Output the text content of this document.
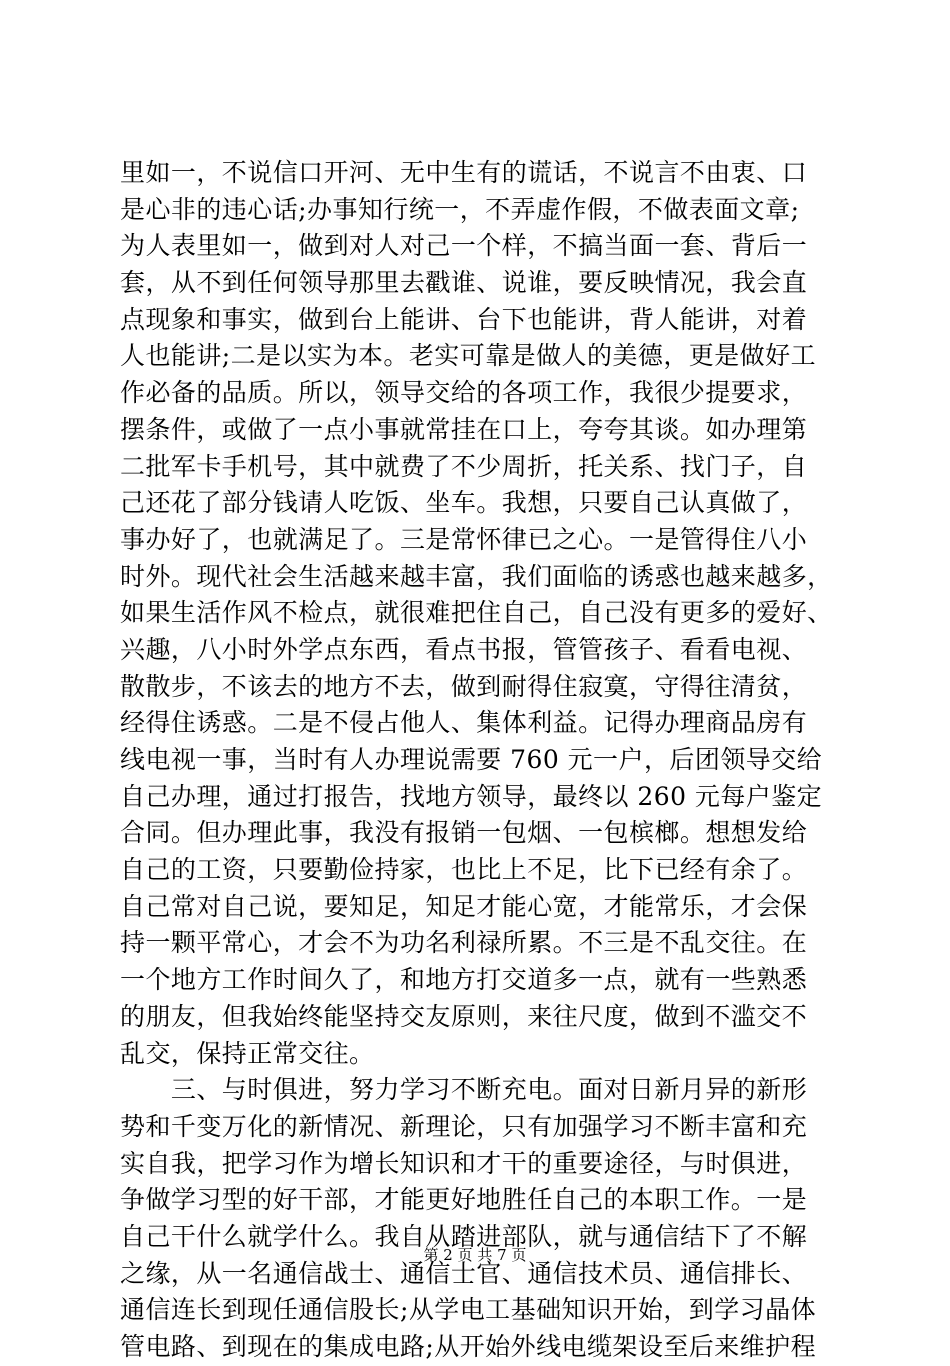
里如一，不说信口开河、无中生有的谎话，不说言不由衷、口
是心非的违心话;办事知行统一，不弄虚作假，不做表面文章;
为人表里如一，做到对人对己一个样，不搞当面一套、背后一
套，从不到任何领导那里去戳谁、说谁，要反映情况，我会直
点现象和事实，做到台上能讲、台下也能讲，背人能讲，对着
人也能讲;二是以实为本。老实可靠是做人的美德，更是做好工
作必备的品质。所以，领导交给的各项工作，我很少提要求，
摆条件，或做了一点小事就常挂在口上，夸夸其谈。如办理第
二批军卡手机号，其中就费了不少周折，托关系、找门子，自
己还花了部分钱请人吃饭、坐车。我想，只要自己认真做了，
事办好了，也就满足了。三是常怀律已之心。一是管得住八小
时外。现代社会生活越来越丰富，我们面临的诱惑也越来越多，
如果生活作风不检点，就很难把住自己，自己没有更多的爱好、
兴趣，八小时外学点东西，看点书报，管管孩子、看看电视、
散散步，不该去的地方不去，做到耐得住寂寞，守得往清贫，
经得住诱惑。二是不侵占他人、集体利益。记得办理商品房有
线电视一事，当时有人办理说需要 760 元一户，后团领导交给
自己办理，通过打报告，找地方领导，最终以 260 元每户鉴定
合同。但办理此事，我没有报销一包烟、一包槟榔。想想发给
自己的工资，只要勤俭持家，也比上不足，比下已经有余了。
自己常对自己说，要知足，知足才能心宽，才能常乐，才会保
持一颗平常心，才会不为功名利禄所累。不三是不乱交往。在
一个地方工作时间久了，和地方打交道多一点，就有一些熟悉
的朋友，但我始终能坚持交友原则，来往尺度，做到不滥交不
乱交，保持正常交往。
　　三、与时俱进，努力学习不断充电。面对日新月异的新形
势和千变万化的新情况、新理论，只有加强学习不断丰富和充
实自我，把学习作为增长知识和才干的重要途径，与时俱进，
争做学习型的好干部，才能更好地胜任自己的本职工作。一是
自己干什么就学什么。我自从踏进部队，就与通信结下了不解
之缘，从一名通信战士、通信士官、通信技术员、通信排长、
通信连长到现任通信股长;从学电工基础知识开始，到学习晶体
管电路、到现在的集成电路;从开始外线电缆架设至后来维护程
第 2 页 共 7 页
